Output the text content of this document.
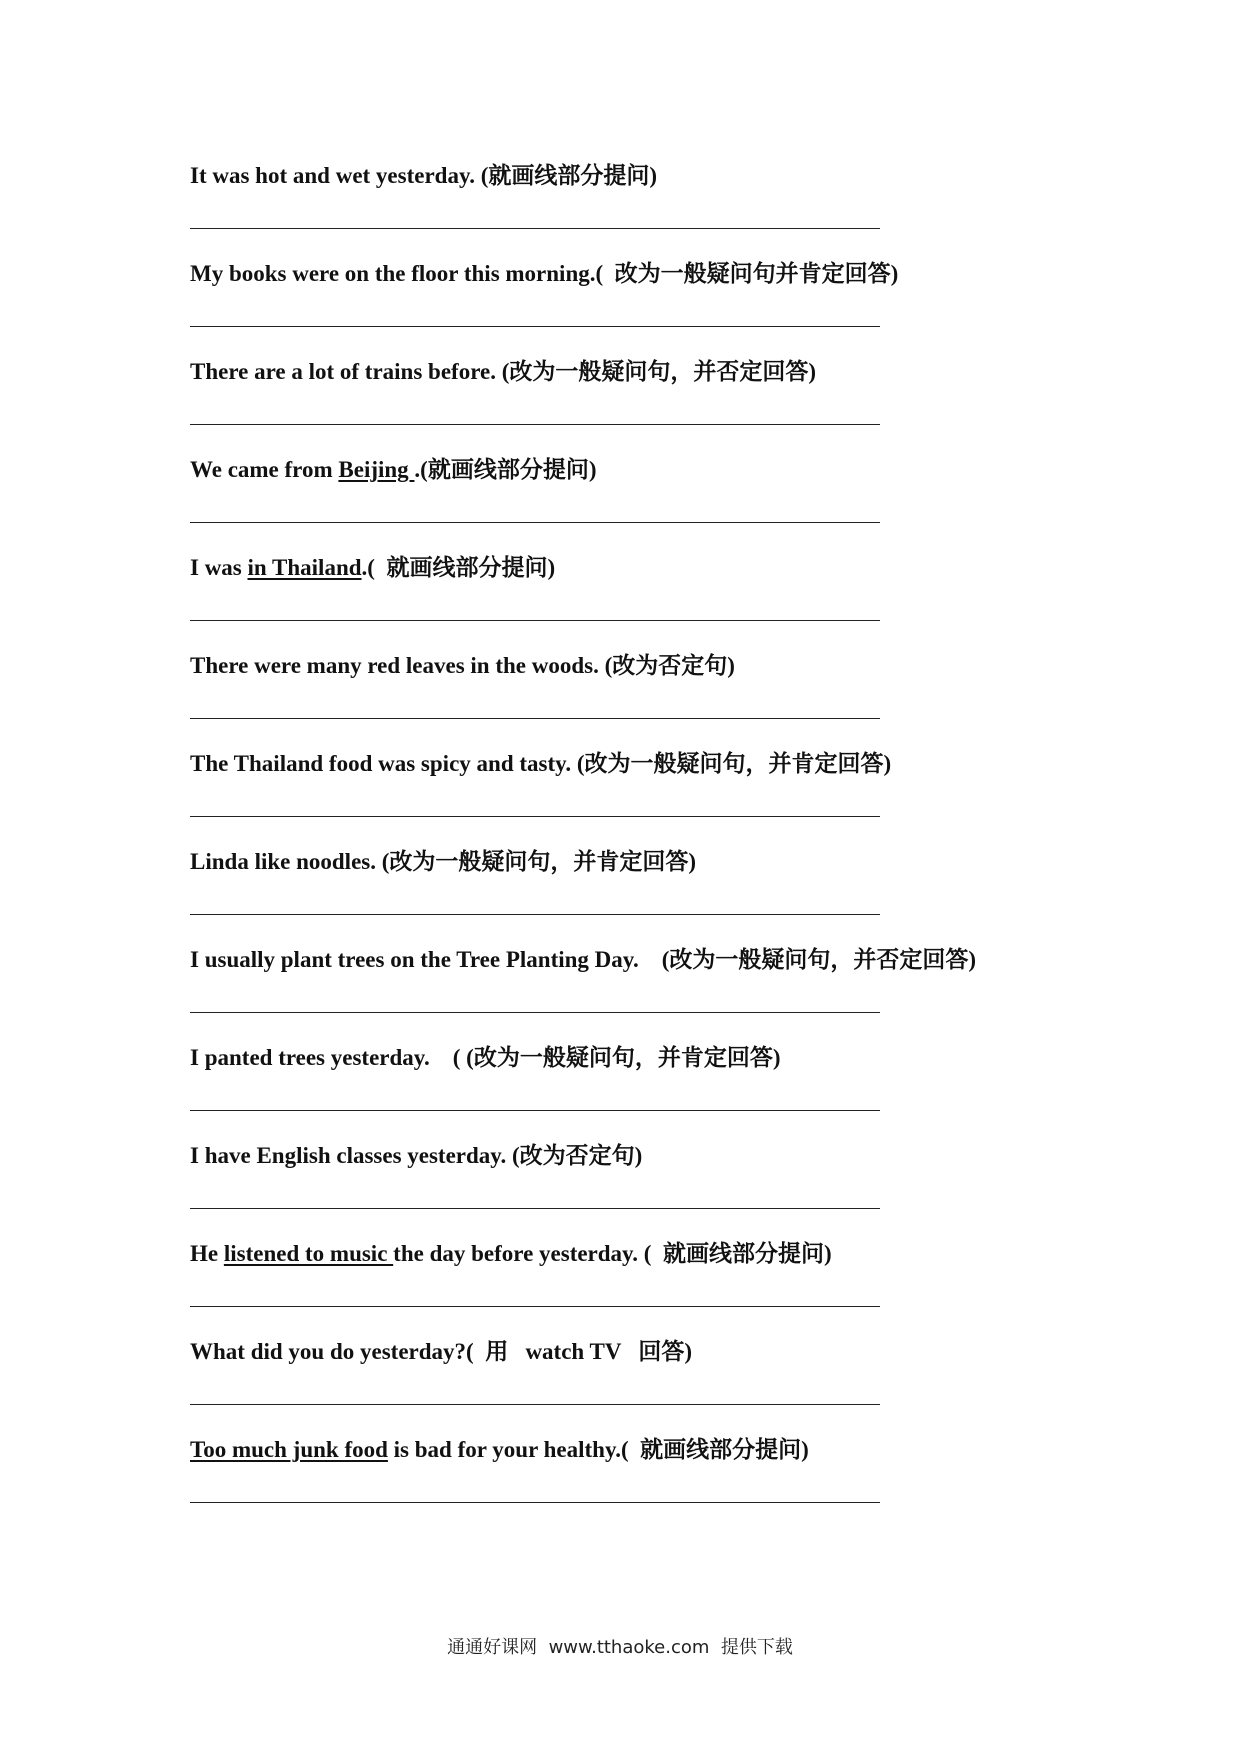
It was hot and wet yesterday. (就画线部分提问)
My books were on the floor this morning.(  改为一般疑问句并肯定回答)
There are a lot of trains before. (改为一般疑问句，并否定回答)
We came from Beijing .(就画线部分提问)
I was in Thailand.(  就画线部分提问)
There were many red leaves in the woods. (改为否定句)
The Thailand food was spicy and tasty. (改为一般疑问句，并肯定回答)
Linda like noodles. (改为一般疑问句，并肯定回答)
I usually plant trees on the Tree Planting Day.    (改为一般疑问句，并否定回答)
I panted trees yesterday.    ( (改为一般疑问句，并肯定回答)
I have English classes yesterday. (改为否定句)
He listened to music the day before yesterday. (  就画线部分提问)
What did you do yesterday?(  用   watch TV   回答)
Too much junk food is bad for your healthy.(  就画线部分提问)
通通好课网  www.tthaoke.com  提供下载
